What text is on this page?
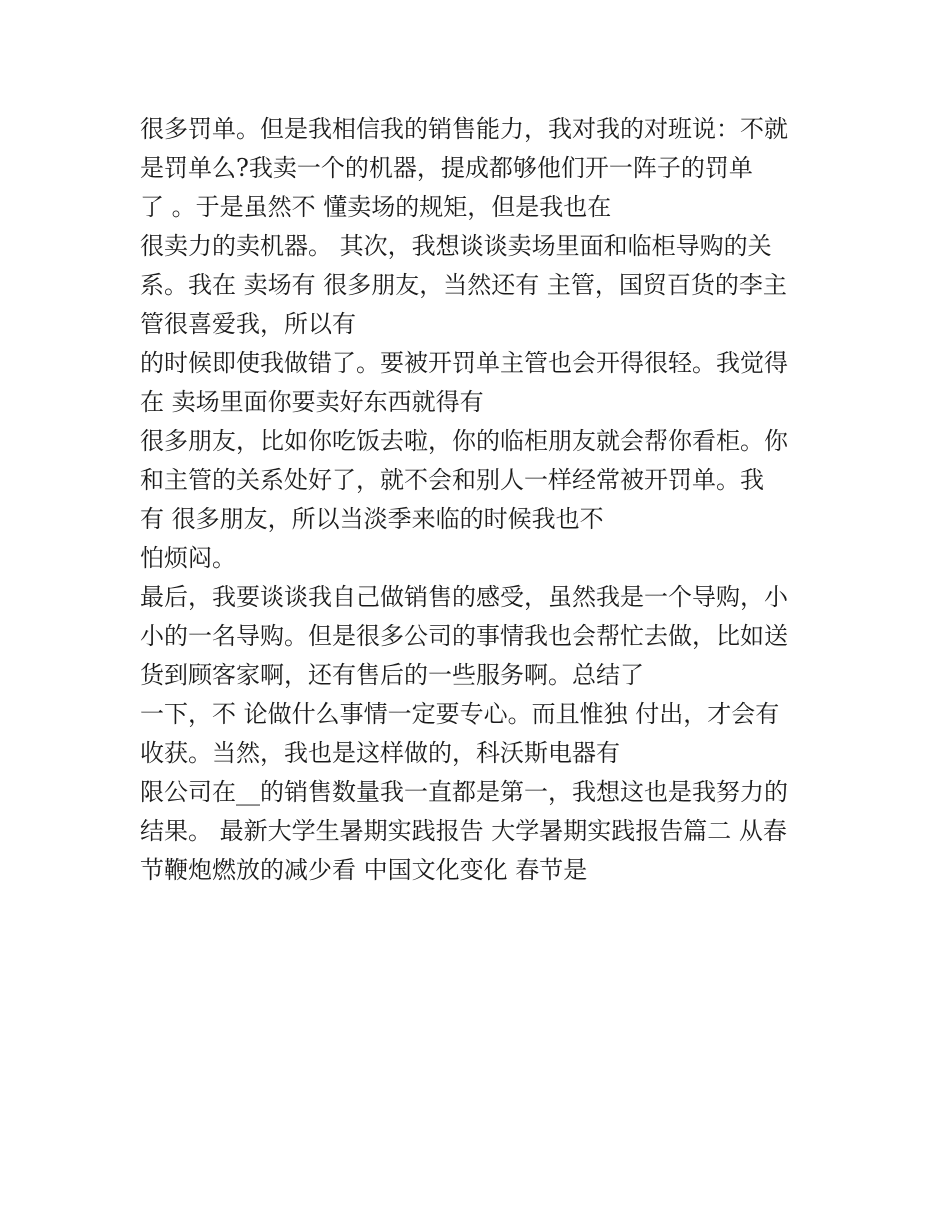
很多罚单。但是我相信我的销售能力，我对我的对班说：不就

是罚单么?我卖一个的机器，提成都够他们开一阵子的罚单

了 。于是虽然不 懂卖场的规矩，但是我也在

很卖力的卖机器。 其次，我想谈谈卖场里面和临柜导购的关

系。我在 卖场有 很多朋友，当然还有 主管，国贸百货的李主

管很喜爱我，所以有

的时候即使我做错了。要被开罚单主管也会开得很轻。我觉得

在 卖场里面你要卖好东西就得有

很多朋友，比如你吃饭去啦，你的临柜朋友就会帮你看柜。你

和主管的关系处好了，就不会和别人一样经常被开罚单。我

有 很多朋友，所以当淡季来临的时候我也不

怕烦闷。

最后，我要谈谈我自己做销售的感受，虽然我是一个导购，小

小的一名导购。但是很多公司的事情我也会帮忙去做，比如送

货到顾客家啊，还有售后的一些服务啊。总结了

一下，不 论做什么事情一定要专心。而且惟独 付出，才会有

收获。当然，我也是这样做的，科沃斯电器有

限公司在__的销售数量我一直都是第一，我想这也是我努力的

结果。 最新大学生暑期实践报告 大学暑期实践报告篇二 从春

节鞭炮燃放的减少看 中国文化变化 春节是
